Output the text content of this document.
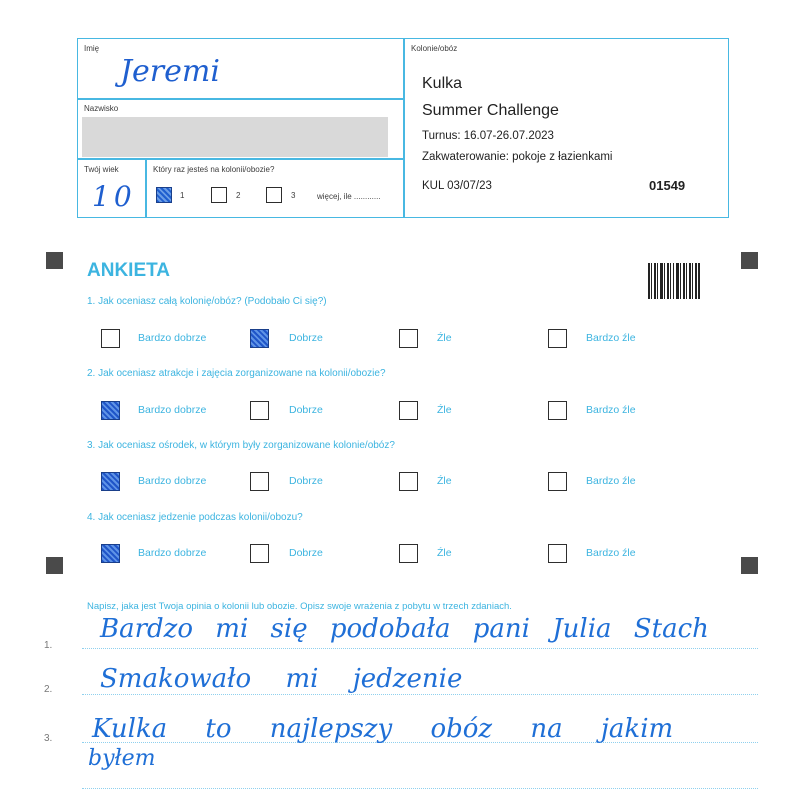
Imię
Jeremi
Nazwisko
Twój wiek
10
Który raz jesteś na kolonii/obozie?
1	2	3	więcej, ile ............
Kolonie/obóz
Kulka
Summer Challenge
Turnus: 16.07-26.07.2023
Zakwaterowanie: pokoje z łazienkami
KUL 03/07/23	01549
ANKIETA
1. Jak oceniasz całą kolonię/obóz? (Podobało Ci się?)
Bardzo dobrze	Dobrze	Źle	Bardzo źle
2. Jak oceniasz atrakcje i zajęcia zorganizowane na kolonii/obozie?
Bardzo dobrze	Dobrze	Źle	Bardzo źle
3. Jak oceniasz ośrodek, w którym były zorganizowane kolonie/obóz?
Bardzo dobrze	Dobrze	Źle	Bardzo źle
4. Jak oceniasz jedzenie podczas kolonii/obozu?
Bardzo dobrze	Dobrze	Źle	Bardzo źle
Napisz, jaka jest Twoja opinia o kolonii lub obozie. Opisz swoje wrażenia z pobytu w trzech zdaniach.
1.
2.
3.
Bardzo mi się podobała pani Julia Stach
Smakowało mi jedzenie
Kulka to najlepszy obóz na jakim
byłem
